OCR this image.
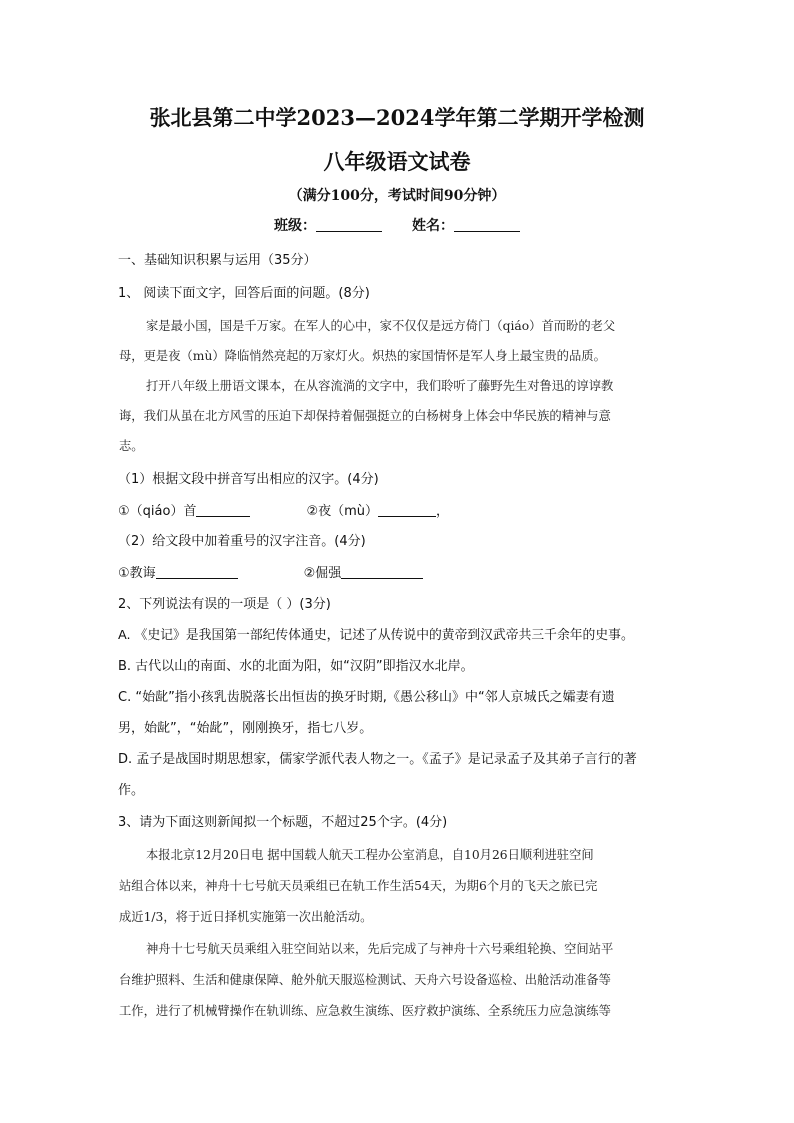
张北县第二中学2023—2024学年第二学期开学检测
八年级语文试卷
（满分100分，考试时间90分钟）
班级：	姓名：
一、基础知识积累与运用（35分）
1、 阅读下面文字，回答后面的问题。(8分)
家是最小国，国是千万家。在军人的心中，家不仅仅是远方倚门（qiáo）首而盼的老父
母，更是夜（mù）降临悄然亮起的万家灯火。炽热的家国情怀是军人身上最宝贵的品质。
打开八年级上册语文课本，在从容流淌的文字中，我们聆听了藤野先生对鲁迅的谆谆教
诲，我们从虽在北方风雪的压迫下却保持着倔强挺立的白杨树身上体会中华民族的精神与意
志。
（1）根据文段中拼音写出相应的汉字。(4分)
①（qiáo）首	②夜（mù）	，
（2）给文段中加着重号的汉字注音。(4分)
①教诲	②倔强
2、下列说法有误的一项是（ ）(3分)
A. 《史记》是我国第一部纪传体通史，记述了从传说中的黄帝到汉武帝共三千余年的史事。
B. 古代以山的南面、水的北面为阳，如“汉阴”即指汉水北岸。
C. “始龀”指小孩乳齿脱落长出恒齿的换牙时期,《愚公移山》中“邻人京城氏之孀妻有遗
男，始龀”，“始龀”，刚刚换牙，指七八岁。
D. 孟子是战国时期思想家，儒家学派代表人物之一。《孟子》是记录孟子及其弟子言行的著
作。
3、请为下面这则新闻拟一个标题，不超过25个字。(4分)
本报北京12月20日电 据中国载人航天工程办公室消息，自10月26日顺利进驻空间
站组合体以来，神舟十七号航天员乘组已在轨工作生活54天，为期6个月的飞天之旅已完
成近1/3，将于近日择机实施第一次出舱活动。
神舟十七号航天员乘组入驻空间站以来，先后完成了与神舟十六号乘组轮换、空间站平
台维护照料、生活和健康保障、舱外航天服巡检测试、天舟六号设备巡检、出舱活动准备等
工作，进行了机械臂操作在轨训练、应急救生演练、医疗救护演练、全系统压力应急演练等
